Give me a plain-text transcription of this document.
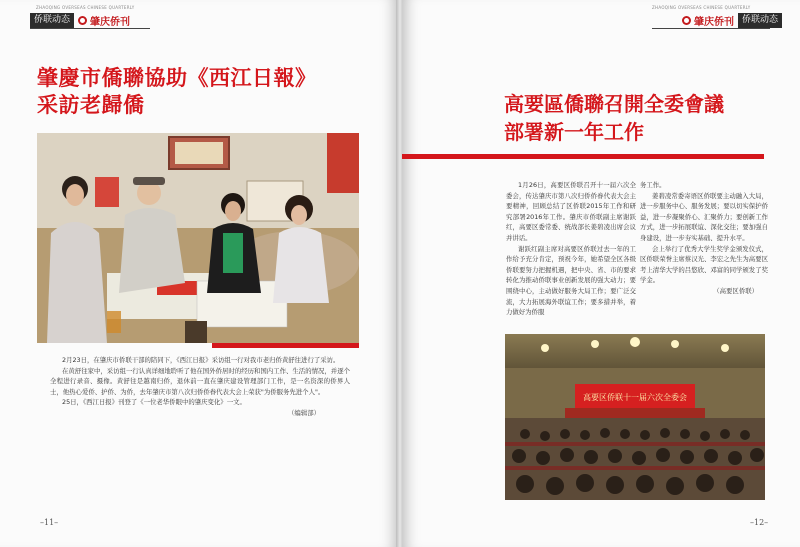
ZHAOQING OVERSEAS CHINESE QUARTERLY
侨联动态	肇庆侨刊
肇慶市僑聯協助《西江日報》
采訪老歸僑

2月23日，在肇庆市侨联干部的陪同下，《西江日报》采访组一行对我市老归侨黄舒往进行了采访。

在黄舒往家中，采访组一行认真详细地聆听了他在国外侨居时的经历和国内工作、生活的情况，并逐个全程进行录音、摄像。黄舒往是越南归侨，退休前一直在肇庆建设管理部门工作，是一名资深的侨界人士，他热心爱侨、护侨、为侨，去年肇庆市第八次归侨侨眷代表大会上荣获"为侨服务先进个人"。

25日，《西江日报》刊登了《一位老华侨眼中的肇庆变化》一文。

（编辑部）

–11–
ZHAOQING OVERSEAS CHINESE QUARTERLY
肇庆侨刊 侨联动态
高要區僑聯召開全委會議
部署新一年工作

1月26日，高要区侨联召开十一届六次全委会，传达肇庆市第八次归侨侨眷代表大会主要精神，回顾总结了区侨联2015年工作和研究部署2016年工作。肇庆市侨联副主席谢跃红，高要区委常委、统战部长姜碧凌出席会议并讲话。

谢跃红副主席对高要区侨联过去一年的工作给予充分肯定，预祝今年，她希望全区各级侨联要努力把握机遇，把中央、省、市的要求转化为推动侨联事业创新发展的强大动力；要围绕中心，主动做好服务大局工作；要广泛交流，大力拓展海外联谊工作；要多措并举，着力做好为侨服

务工作。

姜碧凌常委寄语区侨联要主动融入大局，进一步服务中心、服务发展；要以切实保护侨益，进一步凝聚侨心、汇聚侨力；要创新工作方式，进一步拓展联谊、深化交往；要加强自身建设，进一步夯实基础、提升水平。

会上举行了优秀大学生奖学金颁发仪式，区侨联荣誉主席蔡汉光、李宏之先生为高要区考上清华大学的吕悠欣、邓富的同学颁发了奖学金。

（高要区侨联）

高要区侨联十一届六次全委会
–12–
